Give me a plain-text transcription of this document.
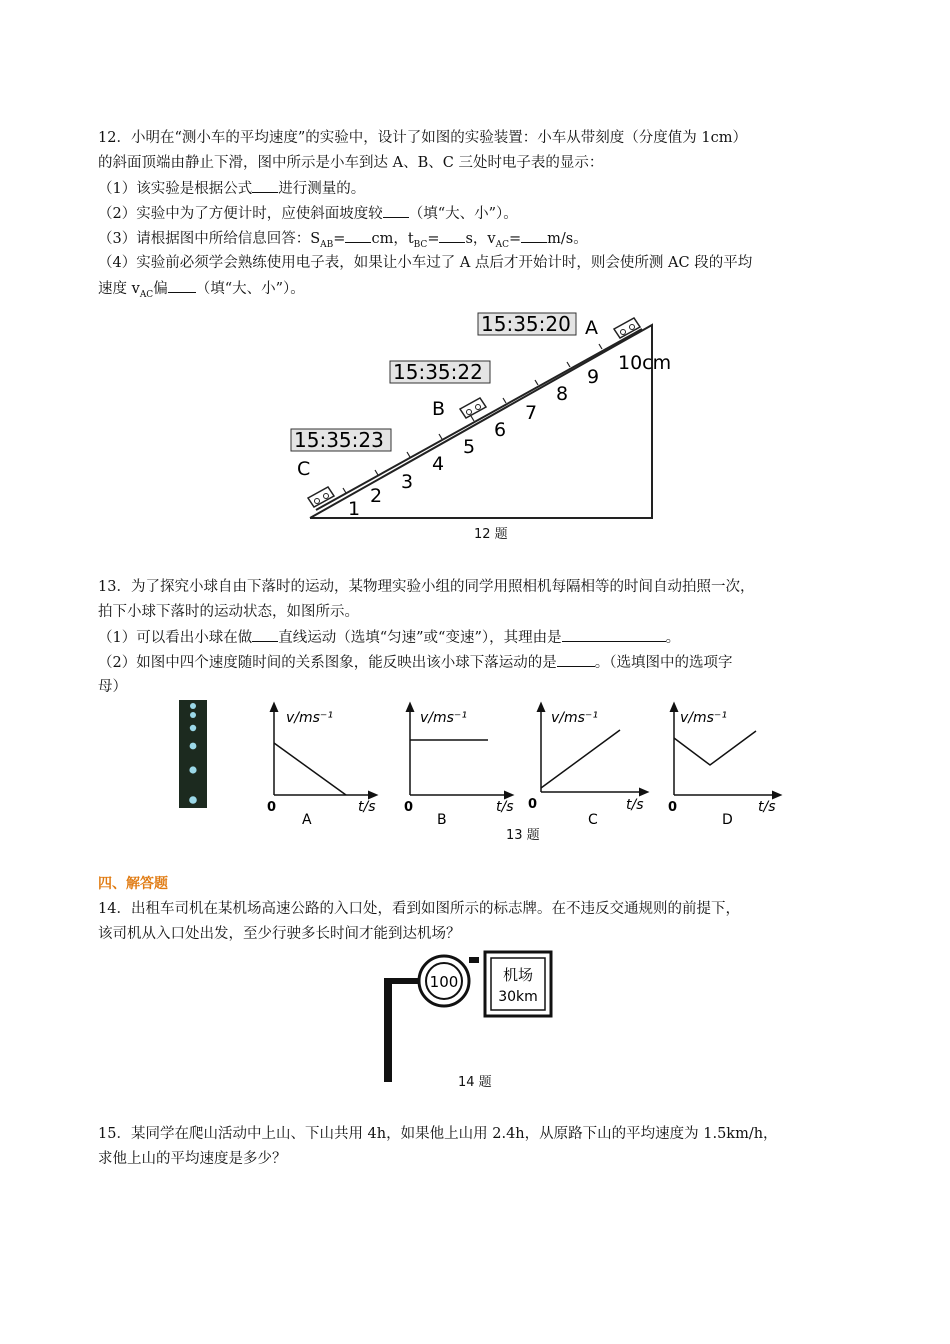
12．小明在“测小车的平均速度”的实验中，设计了如图的实验装置：小车从带刻度（分度值为 1cm）
的斜面顶端由静止下滑，图中所示是小车到达 A、B、C 三处时电子表的显示：
（1）该实验是根据公式 进行测量的。
（2）实验中为了方便计时，应使斜面坡度较 （填“大、小”）。
（3）请根据图中所给信息回答：$S_{AB}=$ cm，$t_{BC}= s$，$v_{AC}= m/s$。
（4）实验前必须学会熟练使用电子表，如果让小车过了 A 点后才开始计时，则会使所测 AC 段的平均
速度 $v_{AC}$偏 （填“大、小”）。
1
2
3
4
5
6
7
8
9
10cm
15:35:20
15:35:22
15:35:23
A
B
C
12 题
13．为了探究小球自由下落时的运动，某物理实验小组的同学用照相机每隔相等的时间自动拍照一次，
拍下小球下落时的运动状态，如图所示。
（1）可以看出小球在做 直线运动（选填“匀速”或“变速”），其理由是	。
（2）如图中四个速度随时间的关系图象，能反映出该小球下落运动的是	。（选填图中的选项字
母）
v/ms⁻¹
t/s
0
A
v/ms⁻¹
t/s
0
B
v/ms⁻¹
t/s
0
C
v/ms⁻¹
t/s
0
D
13 题
四、解答题
14．出租车司机在某机场高速公路的入口处，看到如图所示的标志牌。在不违反交通规则的前提下，
该司机从入口处出发，至少行驶多长时间才能到达机场？
100	机场
30km
14 题
15．某同学在爬山活动中上山、下山共用 4h，如果他上山用 2.4h，从原路下山的平均速度为 1.5km/h，
求他上山的平均速度是多少？
